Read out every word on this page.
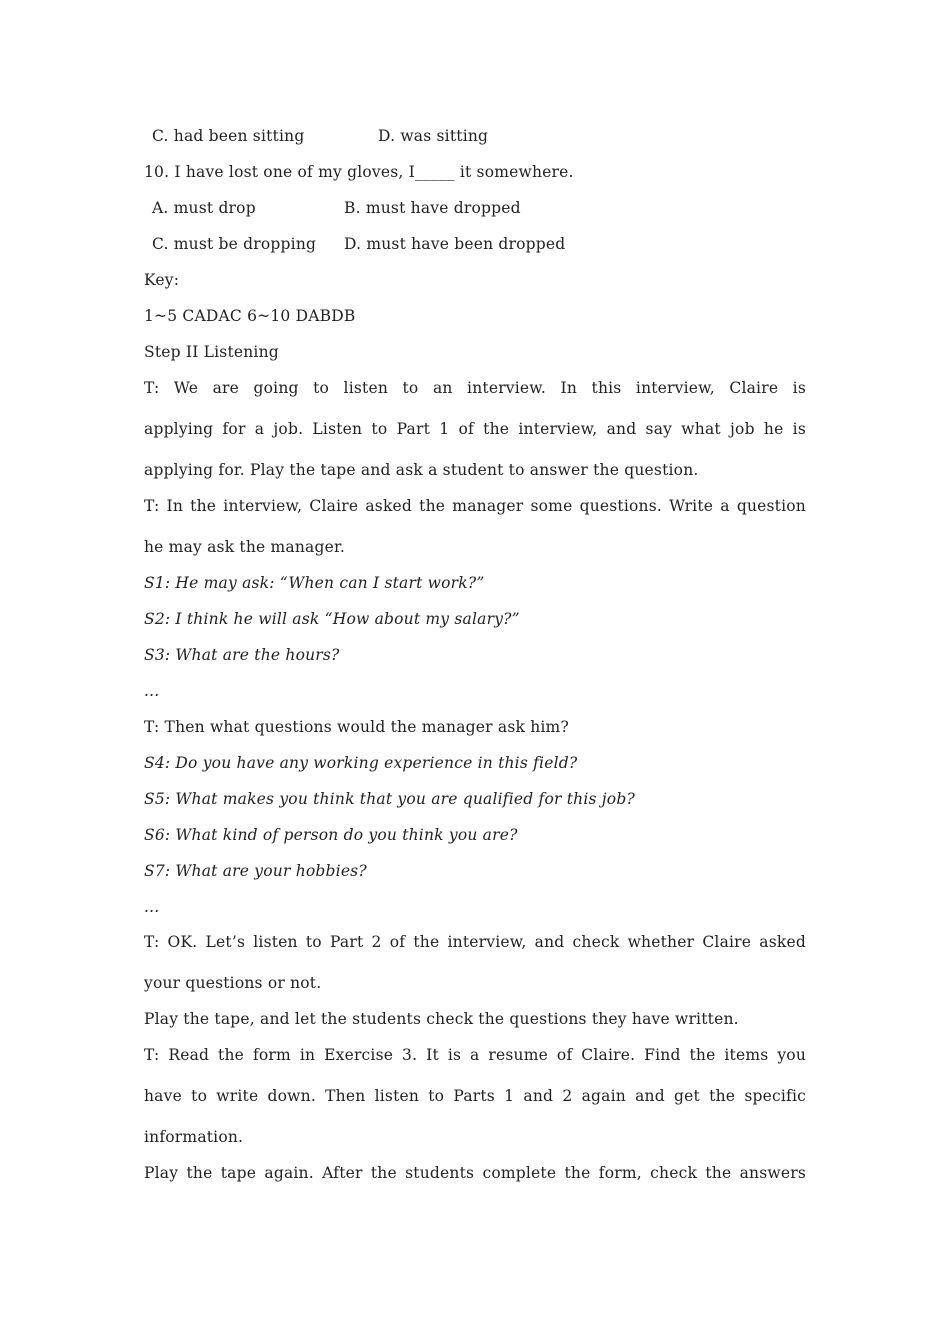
C. had been sitting	D. was sitting
10. I have lost one of my gloves, I_____ it somewhere.
A. must drop	B. must have dropped
C. must be dropping D. must have been dropped
Key:
1~5 CADAC 6~10 DABDB
Step II Listening
T: We are going to listen to an interview. In this interview, Claire is
applying for a job. Listen to Part 1 of the interview, and say what job he is
applying for. Play the tape and ask a student to answer the question.
T: In the interview, Claire asked the manager some questions. Write a question
he may ask the manager.
S1: He may ask: “When can I start work?”
S2: I think he will ask “How about my salary?”
S3: What are the hours?
...
T: Then what questions would the manager ask him?
S4: Do you have any working experience in this field?
S5: What makes you think that you are qualified for this job?
S6: What kind of person do you think you are?
S7: What are your hobbies?
...
T: OK. Let’s listen to Part 2 of the interview, and check whether Claire asked
your questions or not.
Play the tape, and let the students check the questions they have written.
T: Read the form in Exercise 3. It is a resume of Claire. Find the items you
have to write down. Then listen to Parts 1 and 2 again and get the specific
information.
Play the tape again. After the students complete the form, check the answers
